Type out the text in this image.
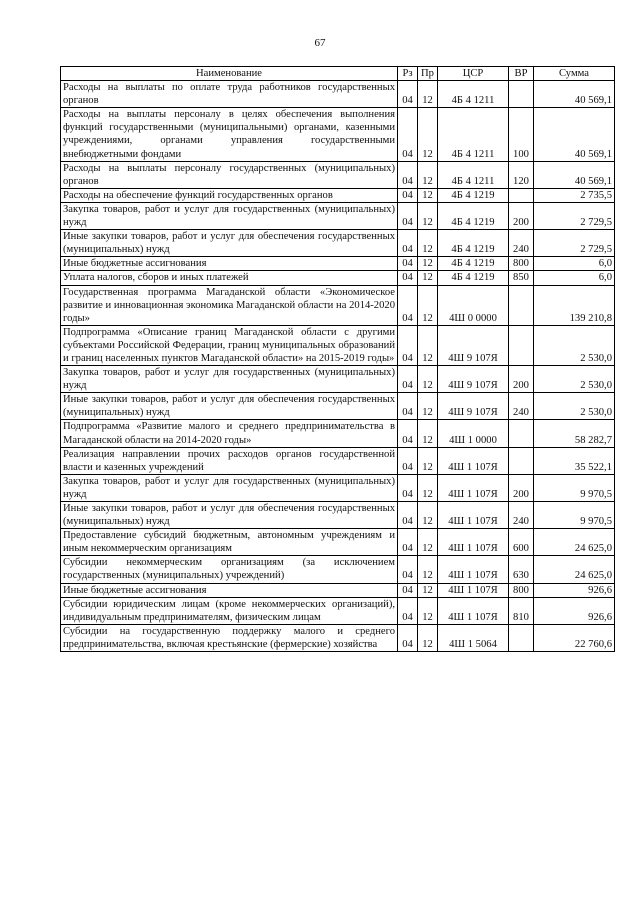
67
Наименование	Рз	Пр	ЦСР	ВР	Сумма
Расходы на выплаты по оплате труда работников государственных органов	04	12	4Б 4 1211		40 569,1
Расходы на выплаты персоналу в целях обеспечения выполнения функций государственными (муниципальными) органами, казенными учреждениями, органами управления государственными внебюджетными фондами	04	12	4Б 4 1211	100	40 569,1
Расходы на выплаты персоналу государственных (муниципальных) органов	04	12	4Б 4 1211	120	40 569,1
Расходы на обеспечение функций государственных органов	04	12	4Б 4 1219		2 735,5
Закупка товаров, работ и услуг для государственных (муниципальных) нужд	04	12	4Б 4 1219	200	2 729,5
Иные закупки товаров, работ и услуг для обеспечения государственных (муниципальных) нужд	04	12	4Б 4 1219	240	2 729,5
Иные бюджетные ассигнования	04	12	4Б 4 1219	800	6,0
Уплата налогов, сборов и иных платежей	04	12	4Б 4 1219	850	6,0
Государственная программа Магаданской области «Экономическое развитие и инновационная экономика Магаданской области на 2014-2020 годы»	04	12	4Ш 0 0000		139 210,8
Подпрограмма «Описание границ Магаданской области с другими субъектами Российской Федерации, границ муниципальных образований и границ населенных пунктов Магаданской области» на 2015-2019 годы»	04	12	4Ш 9 107Я		2 530,0
Закупка товаров, работ и услуг для государственных (муниципальных) нужд	04	12	4Ш 9 107Я	200	2 530,0
Иные закупки товаров, работ и услуг для обеспечения государственных (муниципальных) нужд	04	12	4Ш 9 107Я	240	2 530,0
Подпрограмма «Развитие малого и среднего предпринимательства в Магаданской области на 2014-2020 годы»	04	12	4Ш 1 0000		58 282,7
Реализация направлении прочих расходов органов государственной власти и казенных учреждений	04	12	4Ш 1 107Я		35 522,1
Закупка товаров, работ и услуг для государственных (муниципальных) нужд	04	12	4Ш 1 107Я	200	9 970,5
Иные закупки товаров, работ и услуг для обеспечения государственных (муниципальных) нужд	04	12	4Ш 1 107Я	240	9 970,5
Предоставление субсидий бюджетным, автономным учреждениям и иным некоммерческим организациям	04	12	4Ш 1 107Я	600	24 625,0
Субсидии некоммерческим организациям (за исключением государственных (муниципальных) учреждений)	04	12	4Ш 1 107Я	630	24 625,0
Иные бюджетные ассигнования	04	12	4Ш 1 107Я	800	926,6
Субсидии юридическим лицам (кроме некоммерческих организаций), индивидуальным предпринимателям, физическим лицам	04	12	4Ш 1 107Я	810	926,6
Субсидии на государственную поддержку малого и среднего предпринимательства, включая крестьянские (фермерские) хозяйства	04	12	4Ш 1 5064		22 760,6
